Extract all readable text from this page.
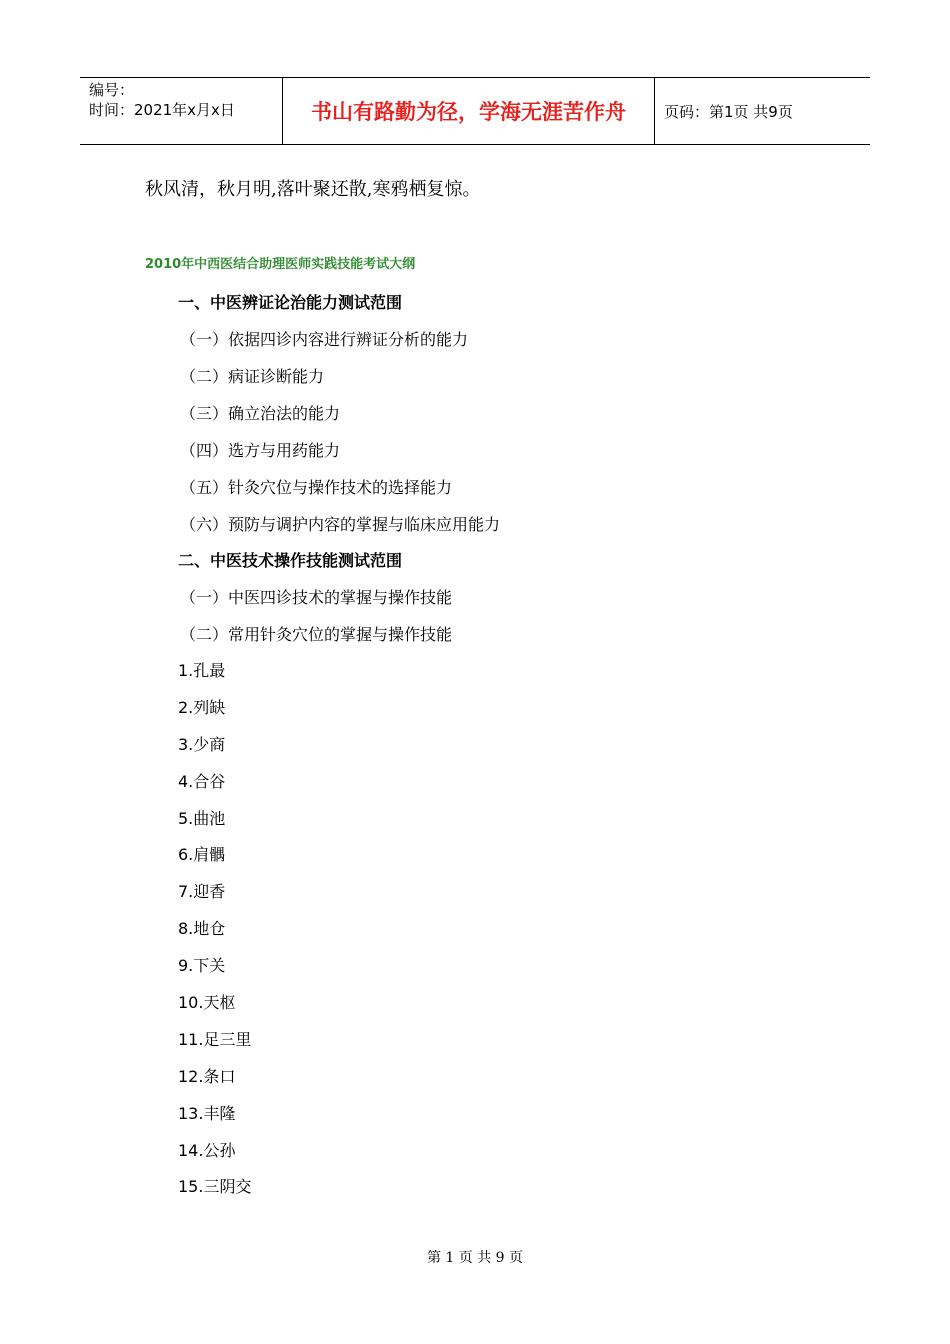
编号：
时间：2021年x月x日	书山有路勤为径，学海无涯苦作舟	页码：第1页 共9页
秋风清，秋月明,落叶聚还散,寒鸦栖复惊。
2010年中西医结合助理医师实践技能考试大纲
一、中医辨证论治能力测试范围
（一）依据四诊内容进行辨证分析的能力
（二）病证诊断能力
（三）确立治法的能力
（四）选方与用药能力
（五）针灸穴位与操作技术的选择能力
（六）预防与调护内容的掌握与临床应用能力
二、中医技术操作技能测试范围
（一）中医四诊技术的掌握与操作技能
（二）常用针灸穴位的掌握与操作技能
1.孔最
2.列缺
3.少商
4.合谷
5.曲池
6.肩髃
7.迎香
8.地仓
9.下关
10.天枢
11.足三里
12.条口
13.丰隆
14.公孙
15.三阴交
第 1 页 共 9 页
